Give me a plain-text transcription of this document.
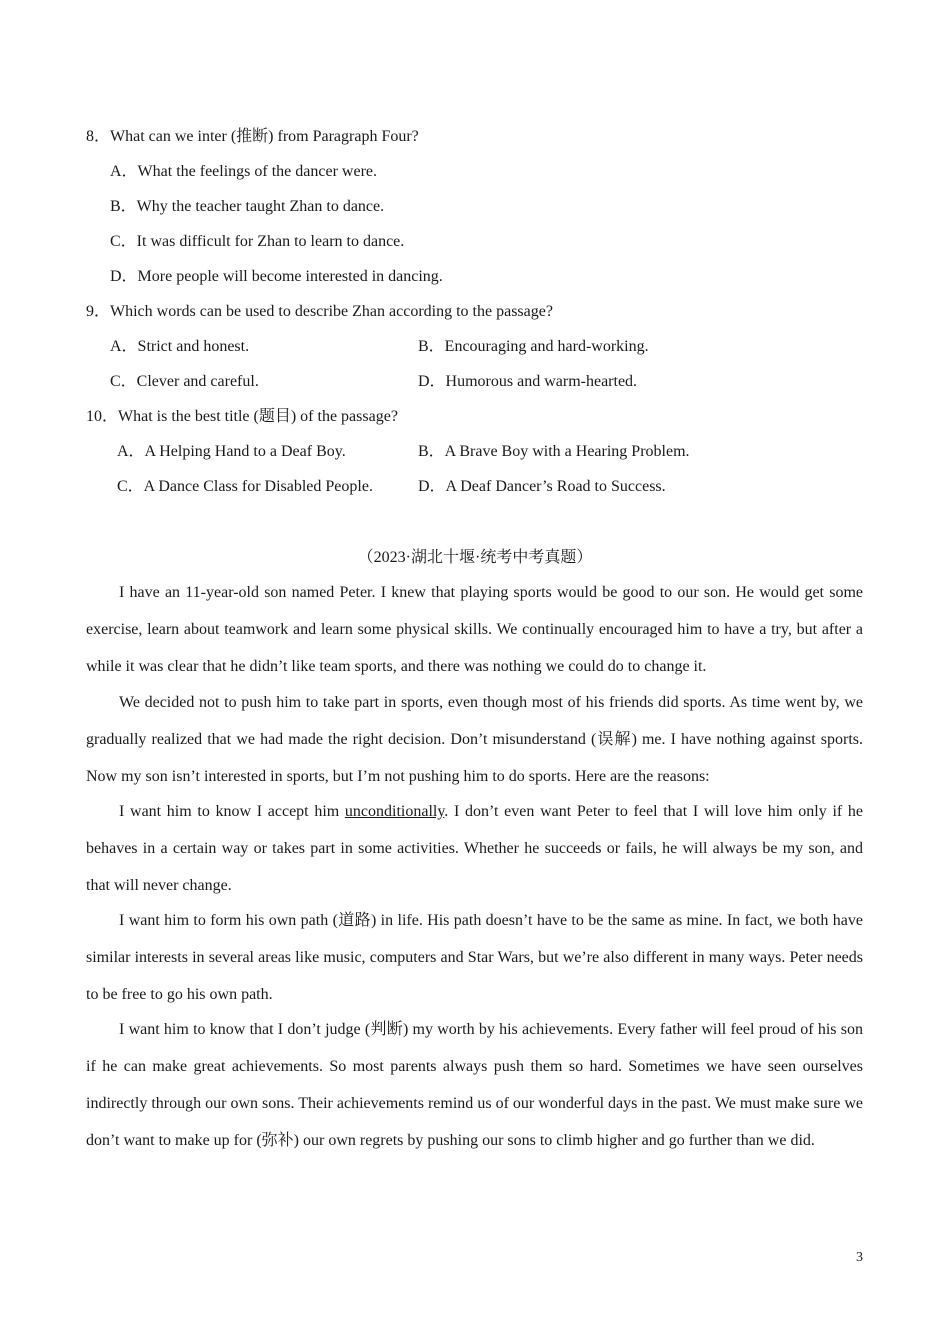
8．What can we inter (推断) from Paragraph Four?
A．What the feelings of the dancer were.
B．Why the teacher taught Zhan to dance.
C．It was difficult for Zhan to learn to dance.
D．More people will become interested in dancing.
9．Which words can be used to describe Zhan according to the passage?
A．Strict and honest.	B．Encouraging and hard-working.
C．Clever and careful.	D．Humorous and warm-hearted.
10．What is the best title (题目) of the passage?
A．A Helping Hand to a Deaf Boy.	B．A Brave Boy with a Hearing Problem.
C．A Dance Class for Disabled People.	D．A Deaf Dancer’s Road to Success.
（2023·湖北十堰·统考中考真题）
I have an 11-year-old son named Peter. I knew that playing sports would be good to our son. He would get some exercise, learn about teamwork and learn some physical skills. We continually encouraged him to have a try, but after a while it was clear that he didn’t like team sports, and there was nothing we could do to change it.
We decided not to push him to take part in sports, even though most of his friends did sports. As time went by, we gradually realized that we had made the right decision. Don’t misunderstand (误解) me. I have nothing against sports. Now my son isn’t interested in sports, but I’m not pushing him to do sports. Here are the reasons:
I want him to know I accept him unconditionally. I don’t even want Peter to feel that I will love him only if he behaves in a certain way or takes part in some activities. Whether he succeeds or fails, he will always be my son, and that will never change.
I want him to form his own path (道路) in life. His path doesn’t have to be the same as mine. In fact, we both have similar interests in several areas like music, computers and Star Wars, but we’re also different in many ways. Peter needs to be free to go his own path.
I want him to know that I don’t judge (判断) my worth by his achievements. Every father will feel proud of his son if he can make great achievements. So most parents always push them so hard. Sometimes we have seen ourselves indirectly through our own sons. Their achievements remind us of our wonderful days in the past. We must make sure we don’t want to make up for (弥补) our own regrets by pushing our sons to climb higher and go further than we did.
3
